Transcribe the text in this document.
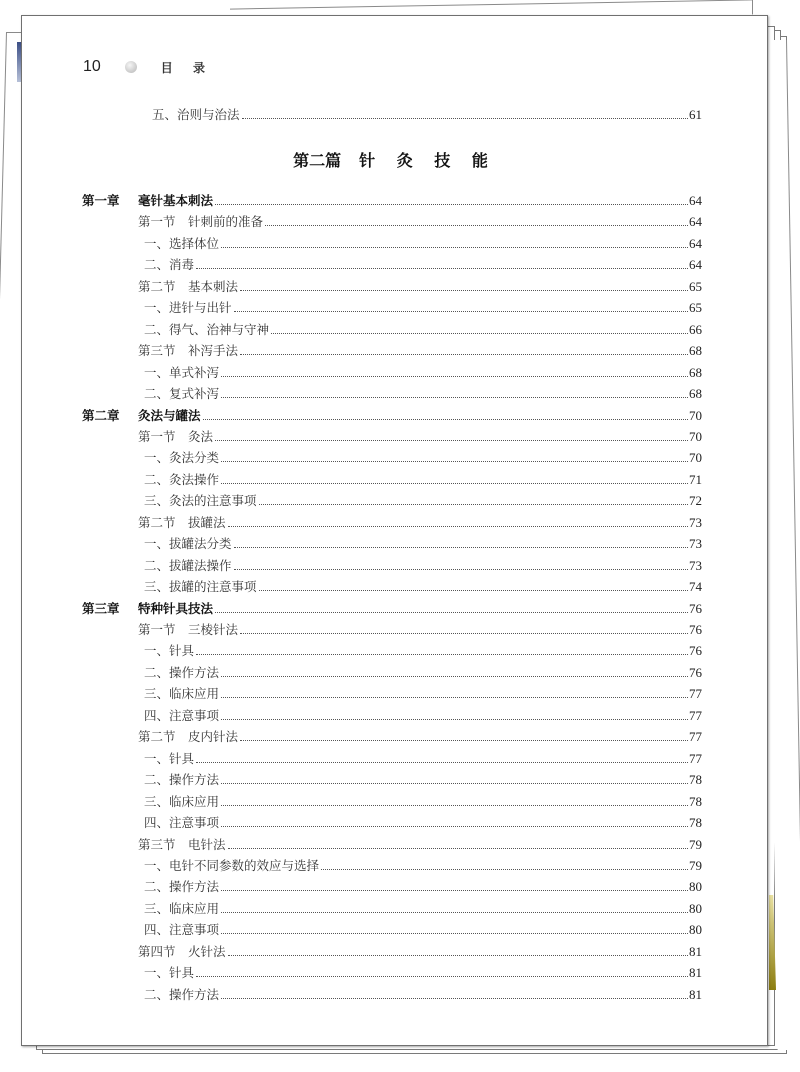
10	目 录
第二篇 针 灸 技 能
五、治则与治法	61
第一章	毫针基本刺法	64
第一节　针刺前的准备	64
一、选择体位	64
二、消毒	64
第二节　基本刺法	65
一、进针与出针	65
二、得气、治神与守神	66
第三节　补泻手法	68
一、单式补泻	68
二、复式补泻	68
第二章	灸法与罐法	70
第一节　灸法	70
一、灸法分类	70
二、灸法操作	71
三、灸法的注意事项	72
第二节　拔罐法	73
一、拔罐法分类	73
二、拔罐法操作	73
三、拔罐的注意事项	74
第三章	特种针具技法	76
第一节　三棱针法	76
一、针具	76
二、操作方法	76
三、临床应用	77
四、注意事项	77
第二节　皮内针法	77
一、针具	77
二、操作方法	78
三、临床应用	78
四、注意事项	78
第三节　电针法	79
一、电针不同参数的效应与选择	79
二、操作方法	80
三、临床应用	80
四、注意事项	80
第四节　火针法	81
一、针具	81
二、操作方法	81
